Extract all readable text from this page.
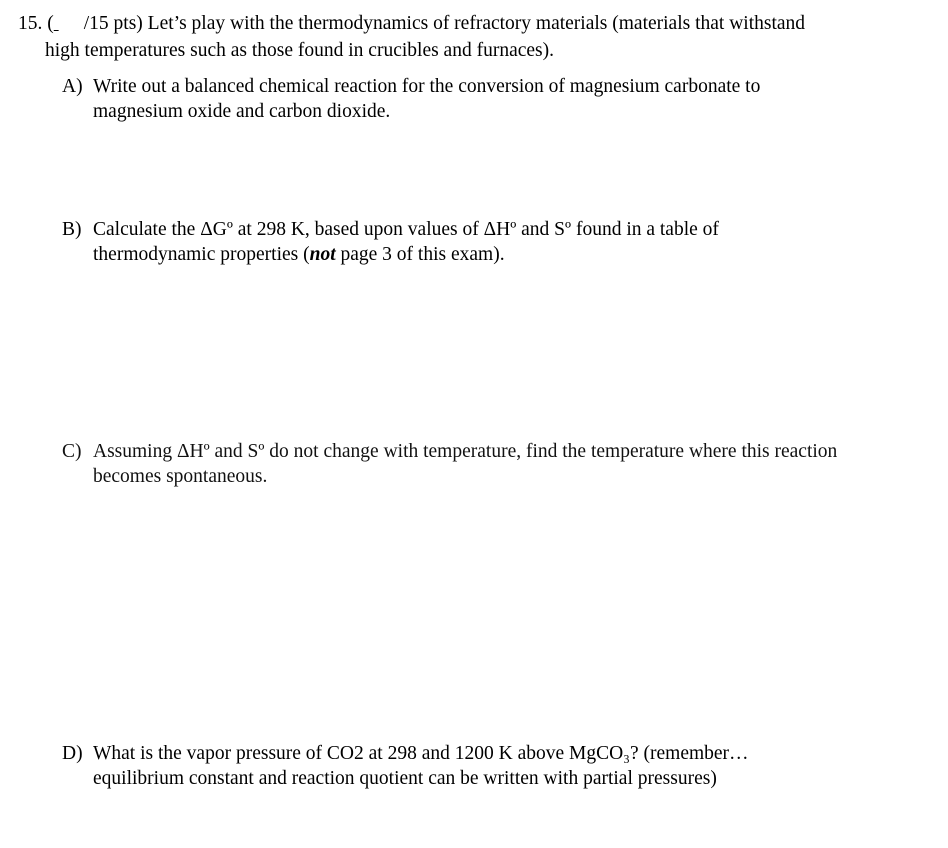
15. ( /15 pts) Let’s play with the thermodynamics of refractory materials (materials that withstand
high temperatures such as those found in crucibles and furnaces).
A) Write out a balanced chemical reaction for the conversion of magnesium carbonate to
magnesium oxide and carbon dioxide.
B) Calculate the ΔGº at 298 K, based upon values of ΔHº and Sº found in a table of
thermodynamic properties (not page 3 of this exam).
C) Assuming ΔHº and Sº do not change with temperature, find the temperature where this reaction
becomes spontaneous.
D) What is the vapor pressure of CO2 at 298 and 1200 K above MgCO₃? (remember…
equilibrium constant and reaction quotient can be written with partial pressures)
